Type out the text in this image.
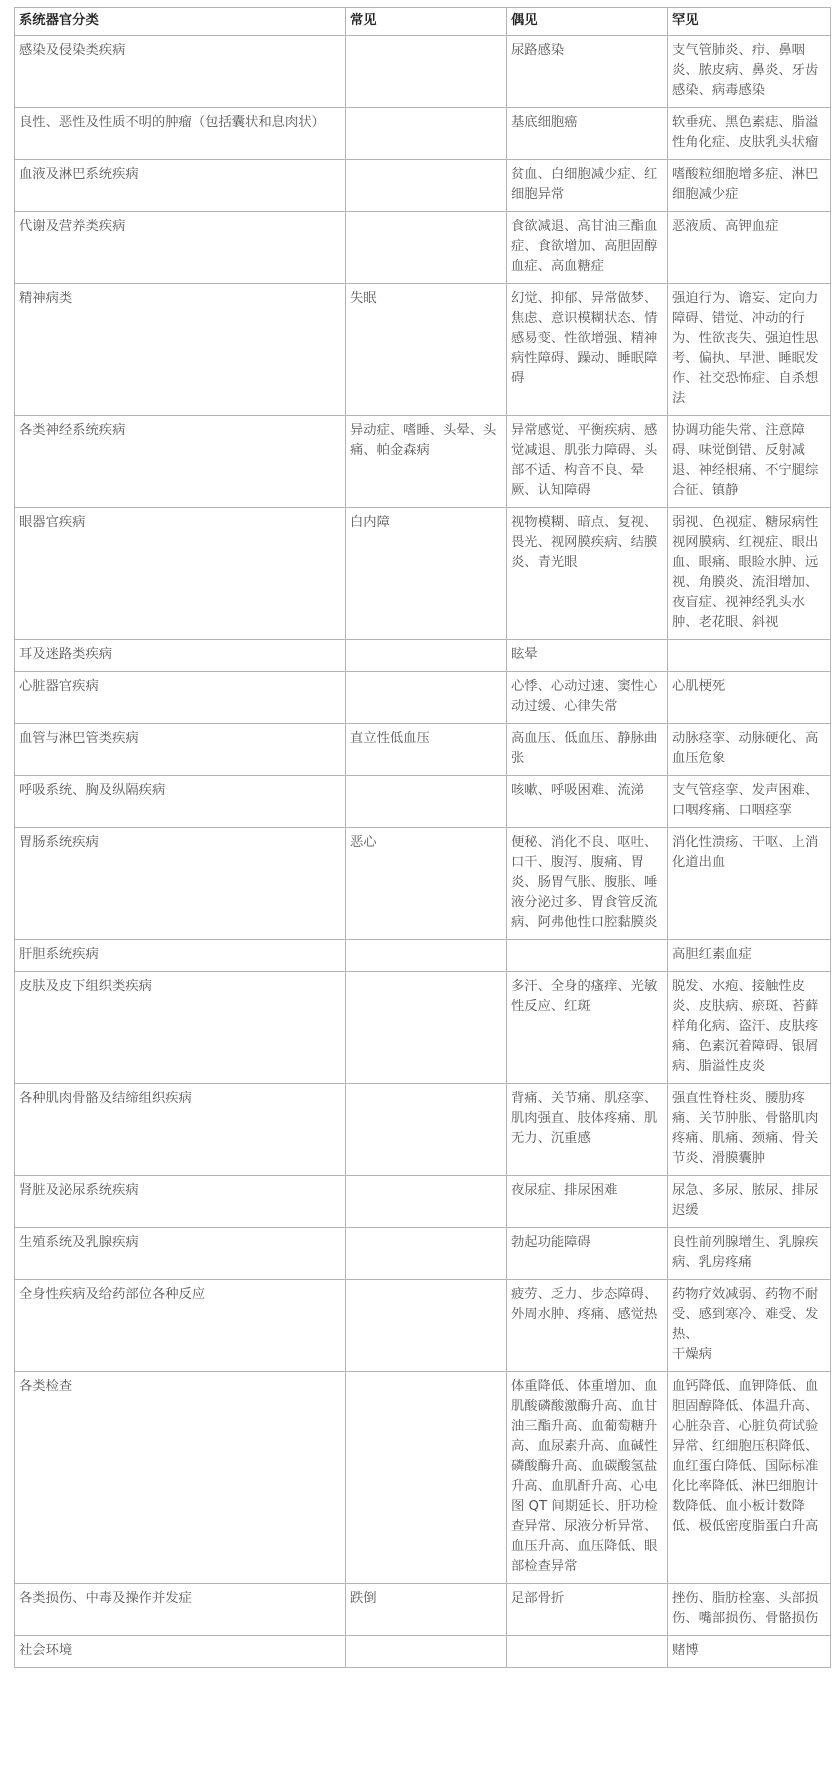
系统器官分类	常见	偶见	罕见
感染及侵染类疾病		尿路感染	支气管肺炎、疖、鼻咽炎、脓皮病、鼻炎、牙齿感染、病毒感染
良性、恶性及性质不明的肿瘤（包括囊状和息肉状）		基底细胞癌	软垂疣、黑色素痣、脂溢性角化症、皮肤乳头状瘤
血液及淋巴系统疾病		贫血、白细胞减少症、红细胞异常	嗜酸粒细胞增多症、淋巴细胞减少症
代谢及营养类疾病		食欲减退、高甘油三酯血症、食欲增加、高胆固醇血症、高血糖症	恶液质、高钾血症
精神病类	失眠	幻觉、抑郁、异常做梦、焦虑、意识模糊状态、情感易变、性欲增强、精神病性障碍、躁动、睡眠障碍	强迫行为、谵妄、定向力障碍、错觉、冲动的行为、性欲丧失、强迫性思考、偏执、早泄、睡眠发作、社交恐怖症、自杀想法
各类神经系统疾病	异动症、嗜睡、头晕、头痛、帕金森病	异常感觉、平衡疾病、感觉减退、肌张力障碍、头部不适、构音不良、晕厥、认知障碍	协调功能失常、注意障碍、味觉倒错、反射减退、神经根痛、不宁腿综合征、镇静
眼器官疾病	白内障	视物模糊、暗点、复视、畏光、视网膜疾病、结膜炎、青光眼	弱视、色视症、糖尿病性视网膜病、红视症、眼出血、眼痛、眼睑水肿、远视、角膜炎、流泪增加、夜盲症、视神经乳头水肿、老花眼、斜视
耳及迷路类疾病		眩晕	
心脏器官疾病		心悸、心动过速、窦性心动过缓、心律失常	心肌梗死
血管与淋巴管类疾病	直立性低血压	高血压、低血压、静脉曲张	动脉痉挛、动脉硬化、高血压危象
呼吸系统、胸及纵隔疾病		咳嗽、呼吸困难、流涕	支气管痉挛、发声困难、口咽疼痛、口咽痉挛
胃肠系统疾病	恶心	便秘、消化不良、呕吐、口干、腹泻、腹痛、胃炎、肠胃气胀、腹胀、唾液分泌过多、胃食管反流病、阿弗他性口腔黏膜炎	消化性溃疡、干呕、上消化道出血
肝胆系统疾病			高胆红素血症
皮肤及皮下组织类疾病		多汗、全身的瘙痒、光敏性反应、红斑	脱发、水疱、接触性皮炎、皮肤病、瘀斑、苔藓样角化病、盗汗、皮肤疼痛、色素沉着障碍、银屑病、脂溢性皮炎
各种肌肉骨骼及结缔组织疾病		背痛、关节痛、肌痉挛、肌肉强直、肢体疼痛、肌无力、沉重感	强直性脊柱炎、腰肋疼痛、关节肿胀、骨骼肌肉疼痛、肌痛、颈痛、骨关节炎、滑膜囊肿
肾脏及泌尿系统疾病		夜尿症、排尿困难	尿急、多尿、脓尿、排尿迟缓
生殖系统及乳腺疾病		勃起功能障碍	良性前列腺增生、乳腺疾病、乳房疼痛
全身性疾病及给药部位各种反应		疲劳、乏力、步态障碍、外周水肿、疼痛、感觉热	药物疗效减弱、药物不耐受、感到寒冷、难受、发热、
干燥病
各类检查		体重降低、体重增加、血肌酸磷酸激酶升高、血甘油三酯升高、血葡萄糖升高、血尿素升高、血碱性磷酸酶升高、血碳酸氢盐升高、血肌酐升高、心电图 QT 间期延长、肝功检查异常、尿液分析异常、血压升高、血压降低、眼部检查异常	血钙降低、血钾降低、血胆固醇降低、体温升高、心脏杂音、心脏负荷试验异常、红细胞压积降低、血红蛋白降低、国际标准化比率降低、淋巴细胞计数降低、血小板计数降低、极低密度脂蛋白升高
各类损伤、中毒及操作并发症	跌倒	足部骨折	挫伤、脂肪栓塞、头部损伤、嘴部损伤、骨骼损伤
社会环境			赌博
